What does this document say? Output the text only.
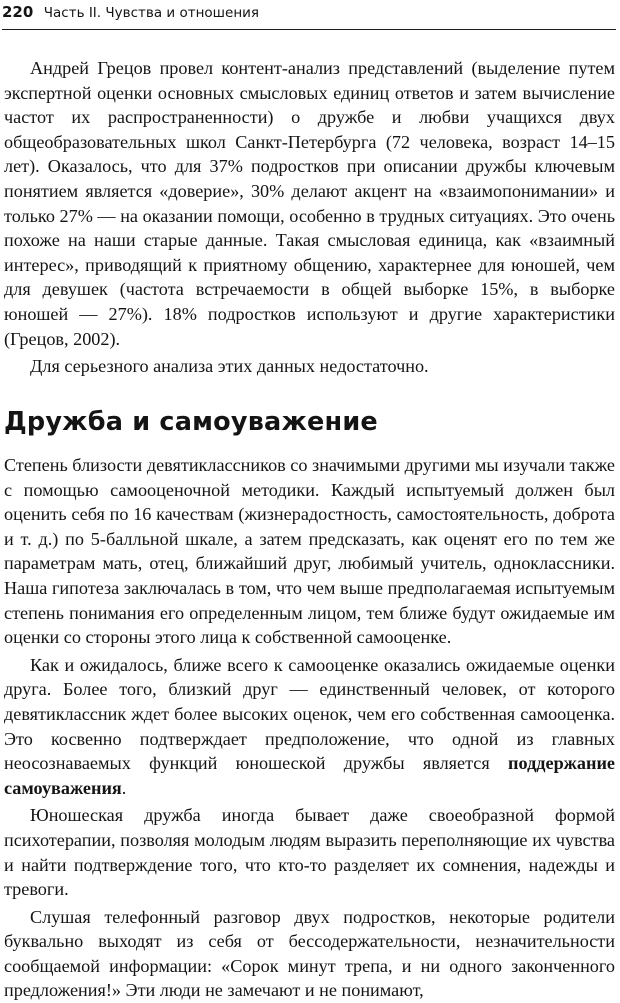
220 Часть II. Чувства и отношения

Андрей Грецов провел контент-анализ представлений (выделение путем экспертной оценки основных смысловых единиц ответов и затем вычисление частот их распространенности) о дружбе и любви учащихся двух общеобразовательных школ Санкт-Петербурга (72 человека, возраст 14–15 лет). Оказалось, что для 37% подростков при описании дружбы ключевым понятием является «доверие», 30% делают акцент на «взаимопонимании» и только 27% — на оказании помощи, особенно в трудных ситуациях. Это очень похоже на наши старые данные. Такая смысловая единица, как «взаимный интерес», приводящий к приятному общению, характернее для юношей, чем для девушек (частота встречаемости в общей выборке 15%, в выборке юношей — 27%). 18% подростков используют и другие характеристики (Грецов, 2002).

Для серьезного анализа этих данных недостаточно.

Дружба и самоуважение

Степень близости девятиклассников со значимыми другими мы изучали также с помощью самооценочной методики. Каждый испытуемый должен был оценить себя по 16 качествам (жизнерадостность, самостоятельность, доброта и т. д.) по 5-балльной шкале, а затем предсказать, как оценят его по тем же параметрам мать, отец, ближайший друг, любимый учитель, одноклассники. Наша гипотеза заключалась в том, что чем выше предполагаемая испытуемым степень понимания его определенным лицом, тем ближе будут ожидаемые им оценки со стороны этого лица к собственной самооценке.

Как и ожидалось, ближе всего к самооценке оказались ожидаемые оценки друга. Более того, близкий друг — единственный человек, от которого девятиклассник ждет более высоких оценок, чем его собственная самооценка. Это косвенно подтверждает предположение, что одной из главных неосознаваемых функций юношеской дружбы является поддержание самоуважения.

Юношеская дружба иногда бывает даже своеобразной формой психотерапии, позволяя молодым людям выразить переполняющие их чувства и найти подтверждение того, что кто-то разделяет их сомнения, надежды и тревоги.

Слушая телефонный разговор двух подростков, некоторые родители буквально выходят из себя от бессодержательности, незначительности сообщаемой информации: «Сорок минут трепа, и ни одного законченного предложения!» Эти люди не замечают и не понимают,
